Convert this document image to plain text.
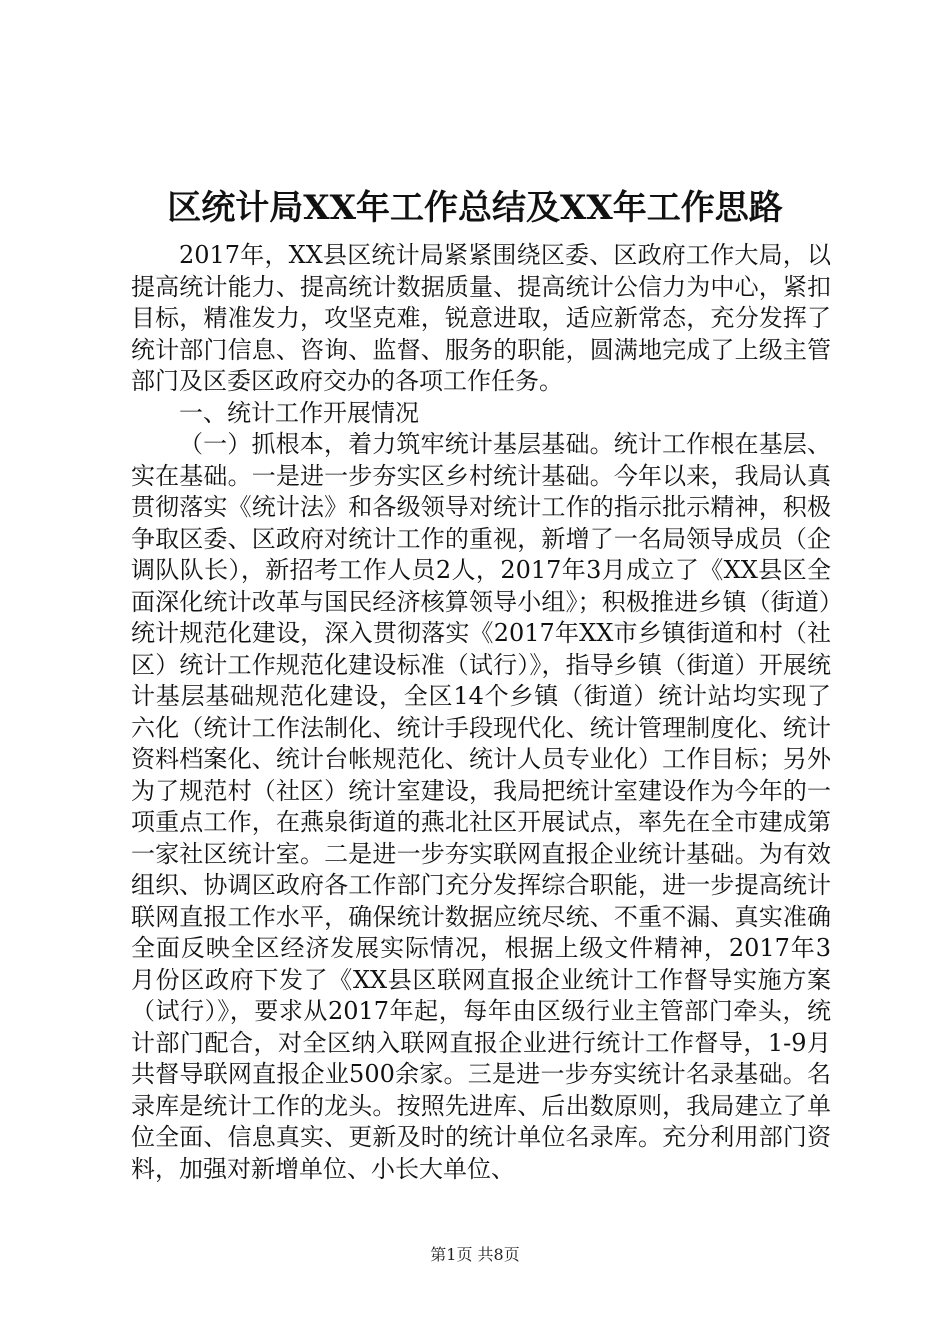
区统计局XX年工作总结及XX年工作思路

2017年，XX县区统计局紧紧围绕区委、区政府工作大局，以提高统计能力、提高统计数据质量、提高统计公信力为中心，紧扣目标，精准发力，攻坚克难，锐意进取，适应新常态，充分发挥了统计部门信息、咨询、监督、服务的职能，圆满地完成了上级主管部门及区委区政府交办的各项工作任务。

一、统计工作开展情况

（一）抓根本，着力筑牢统计基层基础。统计工作根在基层、实在基础。一是进一步夯实区乡村统计基础。今年以来，我局认真贯彻落实《统计法》和各级领导对统计工作的指示批示精神，积极争取区委、区政府对统计工作的重视，新增了一名局领导成员（企调队队长），新招考工作人员2人，2017年3月成立了《XX县区全面深化统计改革与国民经济核算领导小组》；积极推进乡镇（街道）统计规范化建设，深入贯彻落实《2017年XX市乡镇街道和村（社区）统计工作规范化建设标准（试行）》，指导乡镇（街道）开展统计基层基础规范化建设，全区14个乡镇（街道）统计站均实现了六化（统计工作法制化、统计手段现代化、统计管理制度化、统计资料档案化、统计台帐规范化、统计人员专业化）工作目标；另外为了规范村（社区）统计室建设，我局把统计室建设作为今年的一项重点工作，在燕泉街道的燕北社区开展试点，率先在全市建成第一家社区统计室。二是进一步夯实联网直报企业统计基础。为有效组织、协调区政府各工作部门充分发挥综合职能，进一步提高统计联网直报工作水平，确保统计数据应统尽统、不重不漏、真实准确全面反映全区经济发展实际情况，根据上级文件精神，2017年3月份区政府下发了《XX县区联网直报企业统计工作督导实施方案（试行）》，要求从2017年起，每年由区级行业主管部门牵头，统计部门配合，对全区纳入联网直报企业进行统计工作督导，1-9月共督导联网直报企业500余家。三是进一步夯实统计名录基础。名录库是统计工作的龙头。按照先进库、后出数原则，我局建立了单位全面、信息真实、更新及时的统计单位名录库。充分利用部门资料，加强对新增单位、小长大单位、

第1页 共8页
